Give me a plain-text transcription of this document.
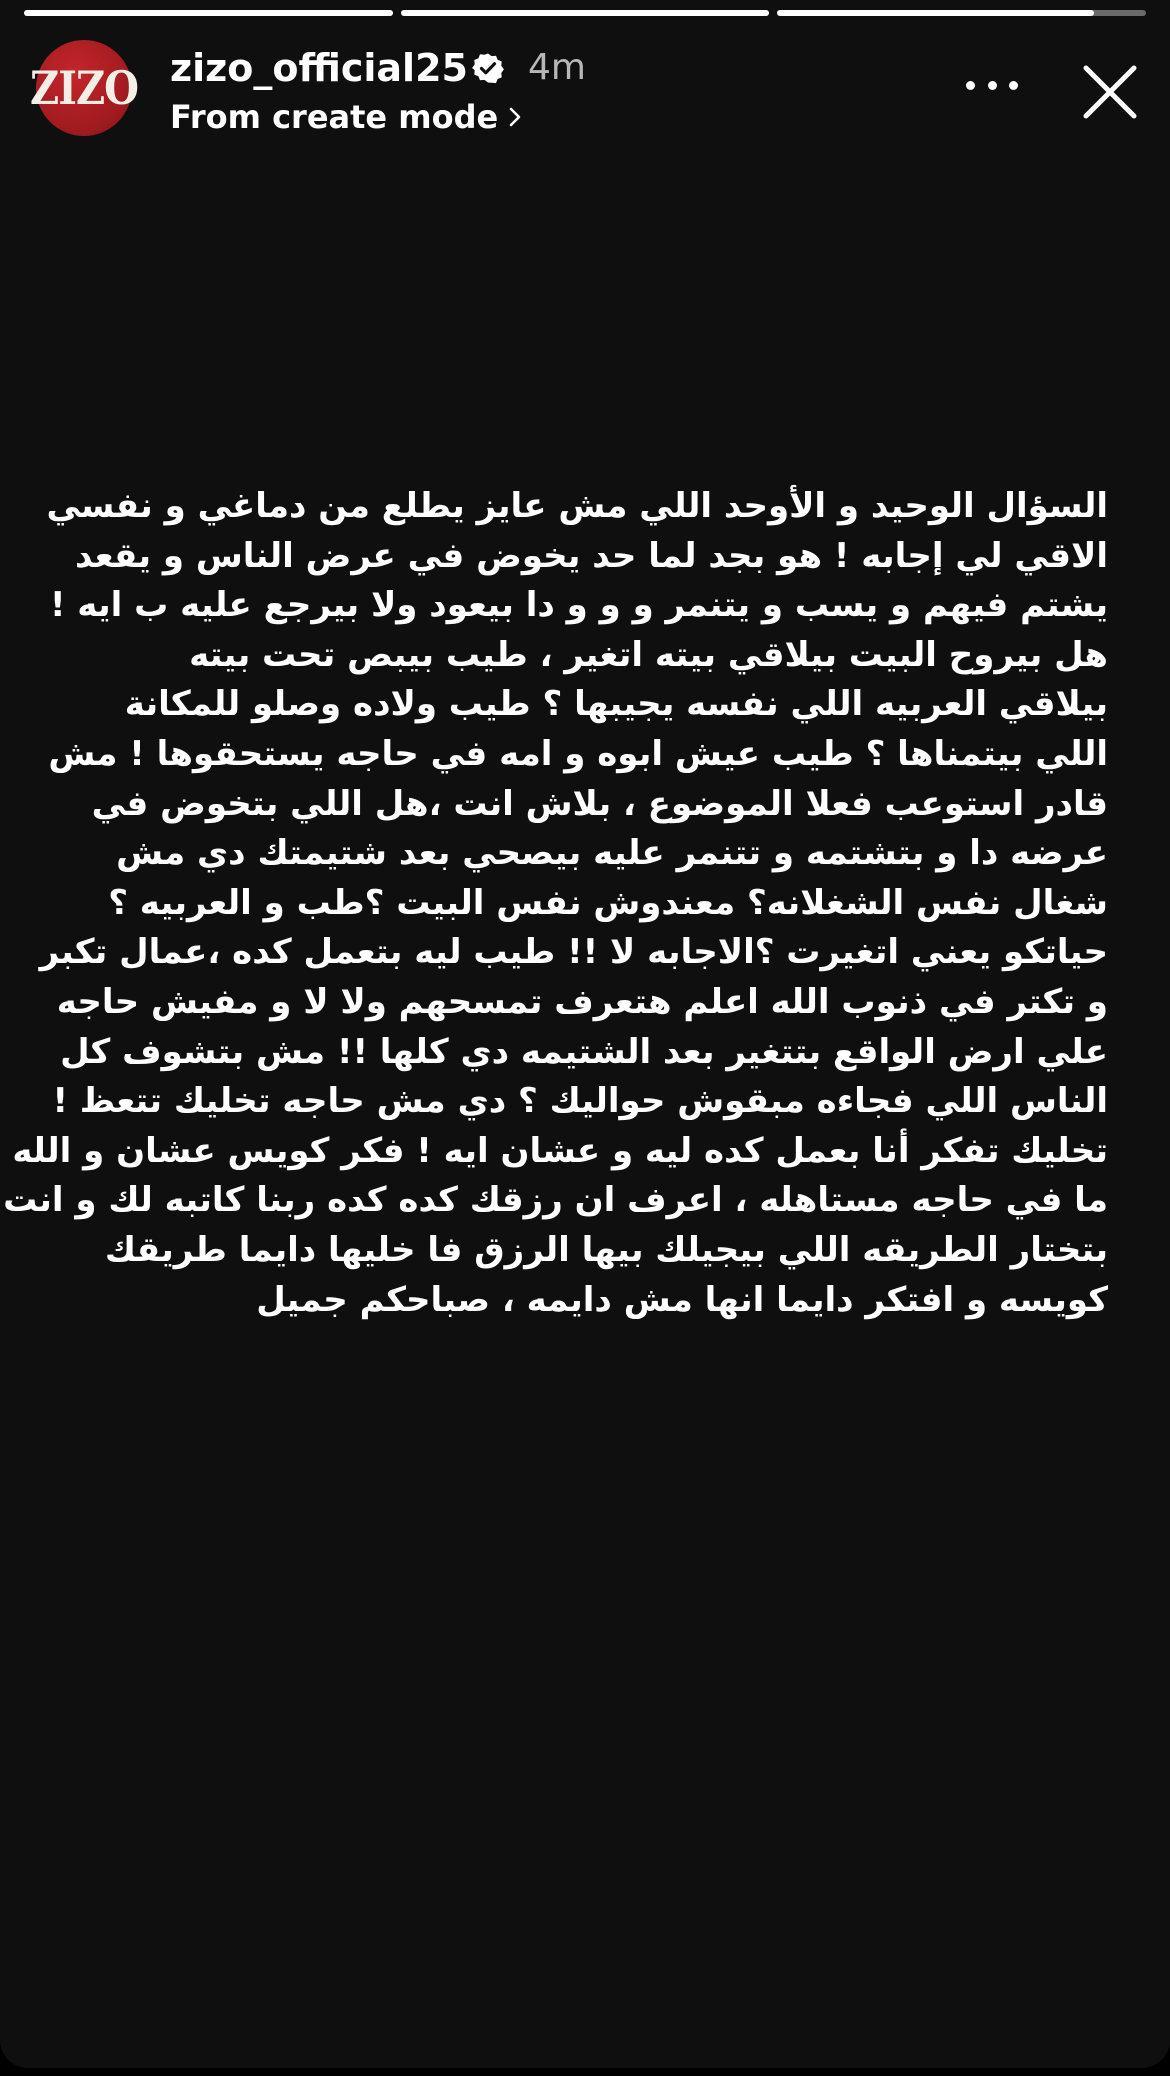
ZIZO zizo_official25 4m
From create mode
السؤال الوحيد و الأوحد اللي مش عايز يطلع من دماغي و نفسي
الاقي لي إجابه ! هو بجد لما حد يخوض في عرض الناس و يقعد
يشتم فيهم و يسب و يتنمر و و و دا بيعود ولا بيرجع عليه ب ايه !
هل بيروح البيت بيلاقي بيته اتغير ، طيب بيبص تحت بيته
بيلاقي العربيه اللي نفسه يجيبها ؟ طيب ولاده وصلو للمكانة
اللي بيتمناها ؟ طيب عيش ابوه و امه في حاجه يستحقوها ! مش
قادر استوعب فعلا الموضوع ، بلاش انت ،هل اللي بتخوض في
عرضه دا و بتشتمه و تتنمر عليه بيصحي بعد شتيمتك دي مش
شغال نفس الشغلانه؟ معندوش نفس البيت ؟طب و العربيه ؟
حياتكو يعني اتغيرت ؟الاجابه لا !! طيب ليه بتعمل كده ،عمال تكبر
و تكتر في ذنوب الله اعلم هتعرف تمسحهم ولا لا و مفيش حاجه
علي ارض الواقع بتتغير بعد الشتيمه دي كلها !! مش بتشوف كل
الناس اللي فجاءه مبقوش حواليك ؟ دي مش حاجه تخليك تتعظ !
تخليك تفكر أنا بعمل كده ليه و عشان ايه ! فكر كويس عشان و الله
ما في حاجه مستاهله ، اعرف ان رزقك كده كده ربنا كاتبه لك و انت
بتختار الطريقه اللي بيجيلك بيها الرزق فا خليها دايما طريقك
كويسه و افتكر دايما انها مش دايمه ، صباحكم جميل
